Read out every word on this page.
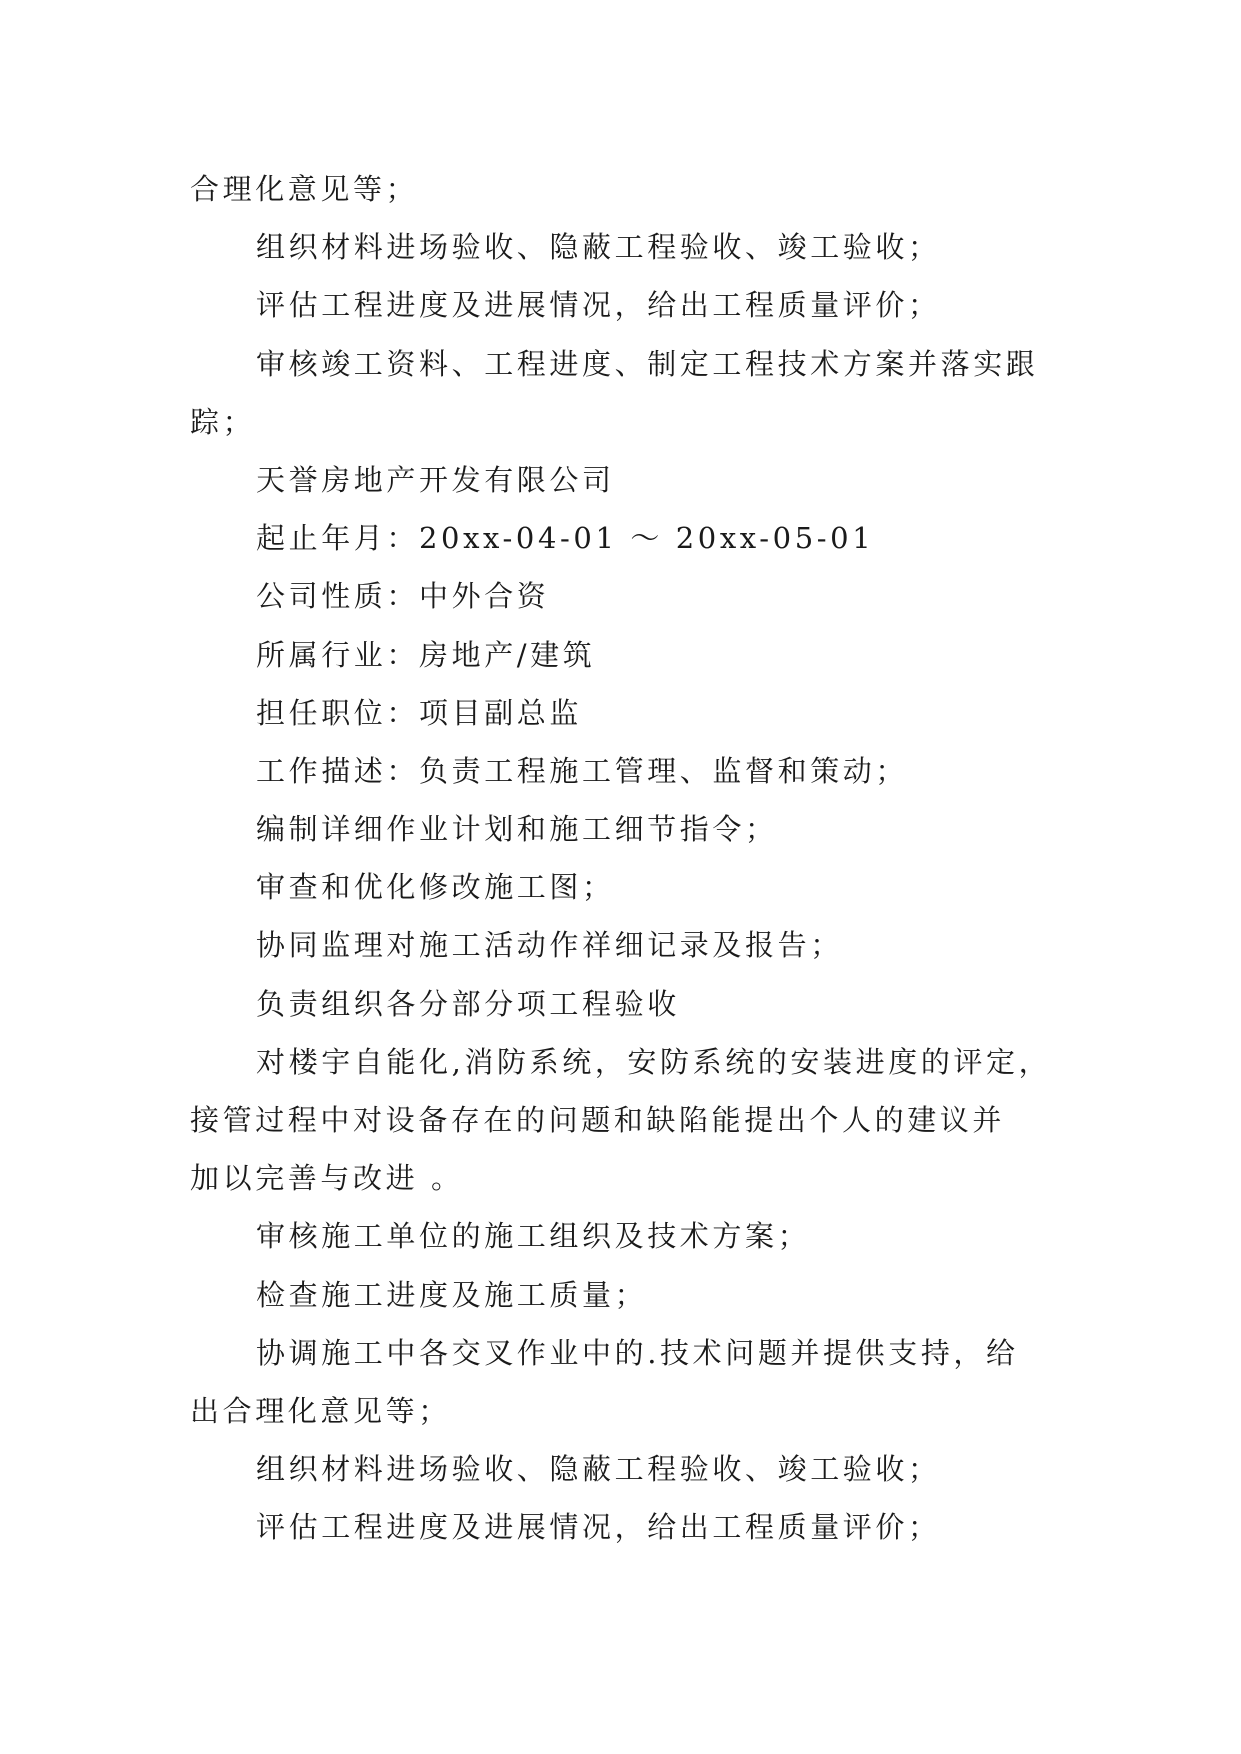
合理化意见等；
组织材料进场验收、隐蔽工程验收、竣工验收；
评估工程进度及进展情况，给出工程质量评价；
审核竣工资料、工程进度、制定工程技术方案并落实跟
踪；
天誉房地产开发有限公司
起止年月：20xx-04-01 ～ 20xx-05-01
公司性质：中外合资
所属行业：房地产/建筑
担任职位：项目副总监
工作描述：负责工程施工管理、监督和策动；
编制详细作业计划和施工细节指令；
审查和优化修改施工图；
协同监理对施工活动作祥细记录及报告；
负责组织各分部分项工程验收
对楼宇自能化,消防系统，安防系统的安装进度的评定，
接管过程中对设备存在的问题和缺陷能提出个人的建议并
加以完善与改进 。
审核施工单位的施工组织及技术方案；
检查施工进度及施工质量；
协调施工中各交叉作业中的.技术问题并提供支持，给
出合理化意见等；
组织材料进场验收、隐蔽工程验收、竣工验收；
评估工程进度及进展情况，给出工程质量评价；
